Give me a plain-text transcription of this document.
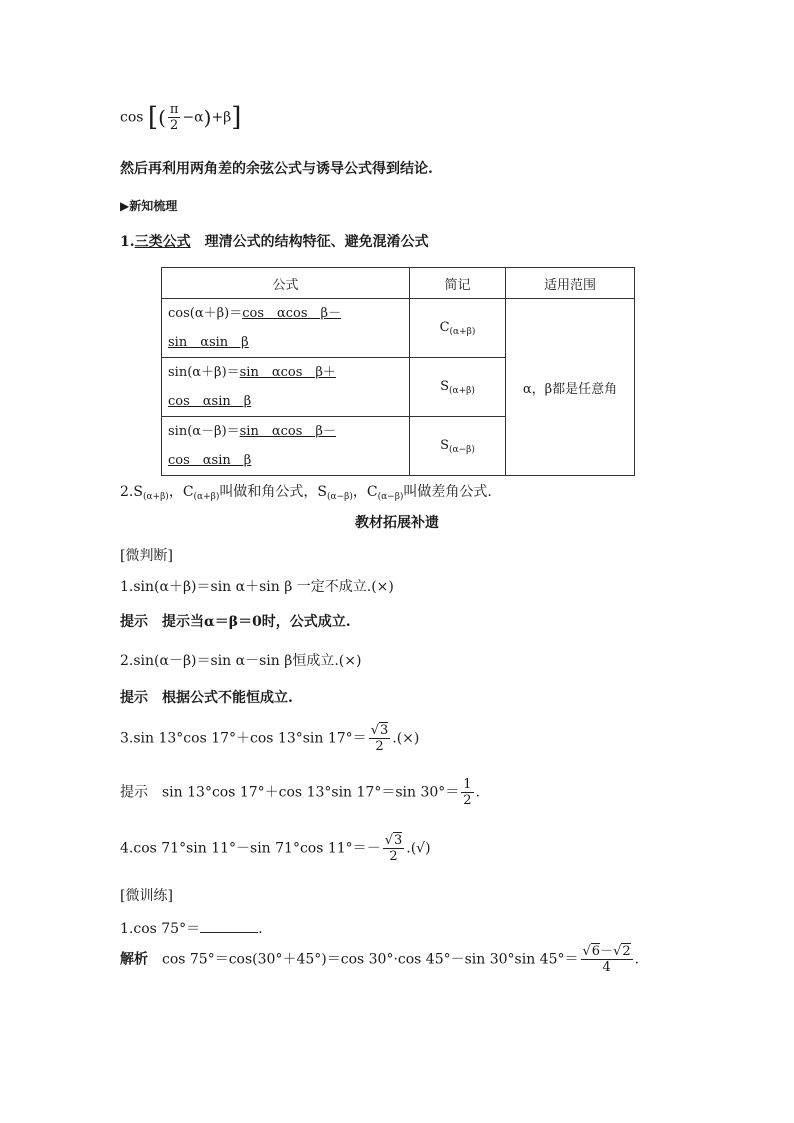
cos [( $\frac{\pi}{2} -\alpha)+\beta$]
然后再利用两角差的余弦公式与诱导公式得到结论.
▶新知梳理
1.三类公式　 理清公式的结构特征、避免混淆公式
公式	简记	适用范围
cos(α＋β)＝cos　αcos　β－
sin　αsin　β	$C_{(\alpha+\beta)}$	α，β都是任意角
sin(α＋β)＝sin　αcos　β＋
cos　αsin　β	$S_{(\alpha+\beta)}$
sin(α－β)＝sin　αcos　β－
cos　αsin　β	$S_{(\alpha-\beta)}$
$2.S_{(\alpha+\beta)}$，$C_{(\alpha+\beta)}$叫做和角公式，$S_{(\alpha-\beta)}$，$C_{(\alpha-\beta)}$叫做差角公式.
教材拓展补遗
[微判断]
1.sin(α＋β)＝sin α＋sin β 一定不成立.(×)
提示　 提示当α＝β＝0时，公式成立.
2.sin(α－β)＝sin α－sin β恒成立.(×)
提示　 根据公式不能恒成立.
3.sin 13°cos 17°＋cos 13°sin $17^\circ= \frac{√3}{2}$ .(×)
提示　 sin 13°cos 17°＋cos 13°sin 17°＝sin $30^\circ= \frac{1}{2}$ .
4.cos 71°sin 11°－sin 71°cos $11^\circ=- \frac{√3}{2}$ .(√)
[微训练]
1.cos 75°＝	.
解析　 cos 75°＝cos(30°＋45°)＝cos 30°·cos 45°－sin 30°sin $45^\circ= \frac{√6-√2}{4}$ .
